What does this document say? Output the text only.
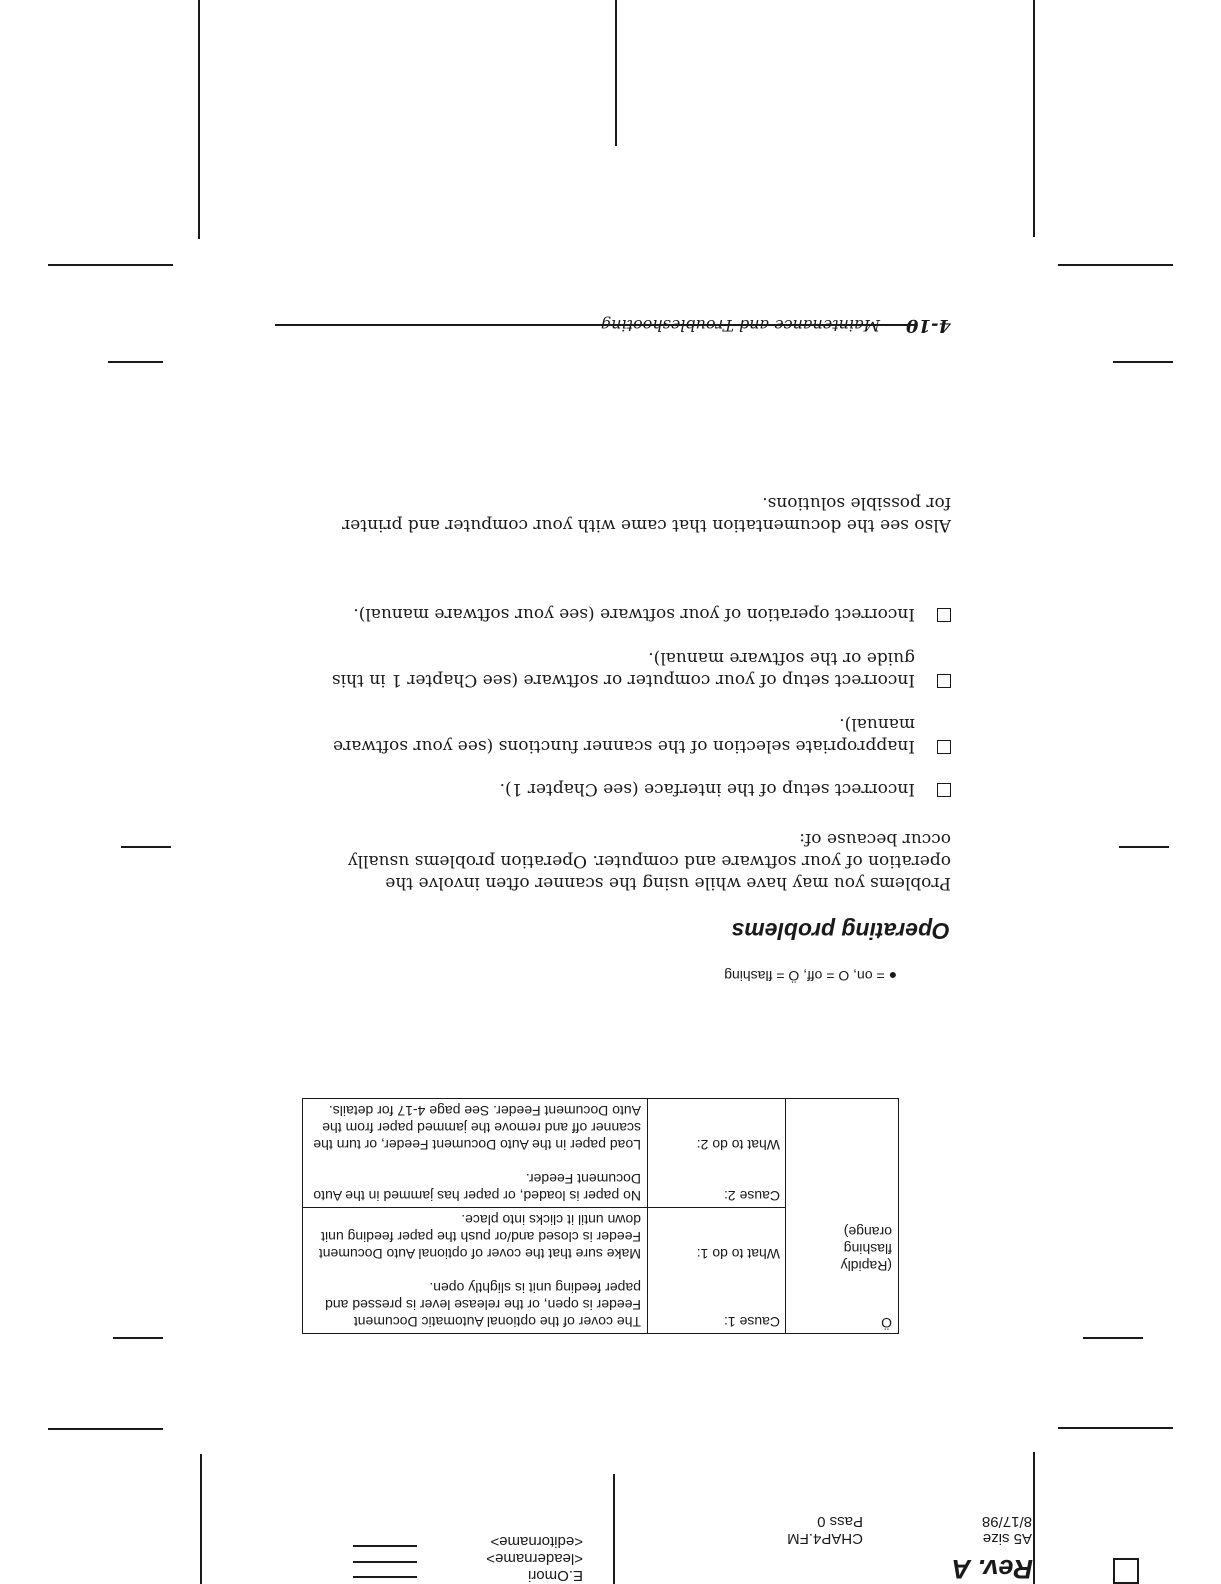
Rev. A
A5 size
8/17/98
CHAP4.FM
Pass 0
E.Omori
<leadername>
<editorname>
Ö
(Rapidly flashing orange)

Cause 1:
The cover of the optional Automatic Document Feeder is open, or the release lever is pressed and paper feeding unit is slightly open.
What to do 1:
Make sure that the cover of optional Auto Document Feeder is closed and/or push the paper feeding unit down until it clicks into place.

Cause 2:
No paper is loaded, or paper has jammed in the Auto Document Feeder.
What to do 2:
Load paper in the Auto Document Feeder, or turn the scanner off and remove the jammed paper from the Auto Document Feeder. See page 4-17 for details.
● = on, O = off, Ö = flashing
Operating problems

Problems you may have while using the scanner often involve the operation of your software and computer. Operation problems usually occur because of:

Incorrect setup of the interface (see Chapter 1).
Inappropriate selection of the scanner functions (see your software manual).
Incorrect setup of your computer or software (see Chapter 1 in this guide or the software manual).
Incorrect operation of your software (see your software manual).

Also see the documentation that came with your computer and printer for possible solutions.

4-10
Maintenance and Troubleshooting
